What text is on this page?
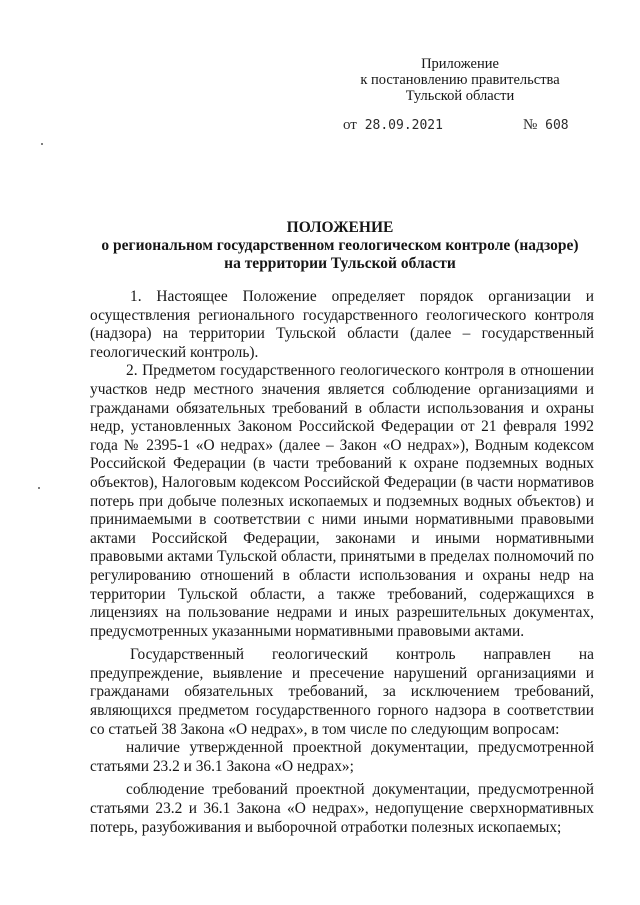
Приложение
к постановлению правительства
Тульской области
от 28.09.2021	№ 608
ПОЛОЖЕНИЕ
о региональном государственном геологическом контроле (надзоре)
на территории Тульской области

1. Настоящее Положение определяет порядок организации и осуществления регионального государственного геологического контроля (надзора) на территории Тульской области (далее – государственный геологический контроль).

2. Предметом государственного геологического контроля в отношении участков недр местного значения является соблюдение организациями и гражданами обязательных требований в области использования и охраны недр, установленных Законом Российской Федерации от 21 февраля 1992 года № 2395-1 «О недрах» (далее – Закон «О недрах»), Водным кодексом Российской Федерации (в части требований к охране подземных водных объектов), Налоговым кодексом Российской Федерации (в части нормативов потерь при добыче полезных ископаемых и подземных водных объектов) и принимаемыми в соответствии с ними иными нормативными правовыми актами Российской Федерации, законами и иными нормативными правовыми актами Тульской области, принятыми в пределах полномочий по регулированию отношений в области использования и охраны недр на территории Тульской области, а также требований, содержащихся в лицензиях на пользование недрами и иных разрешительных документах, предусмотренных указанными нормативными правовыми актами.

Государственный геологический контроль направлен на предупреждение, выявление и пресечение нарушений организациями и гражданами обязательных требований, за исключением требований, являющихся предметом государственного горного надзора в соответствии со статьей 38 Закона «О недрах», в том числе по следующим вопросам:

наличие утвержденной проектной документации, предусмотренной статьями 23.2 и 36.1 Закона «О недрах»;

соблюдение требований проектной документации, предусмотренной статьями 23.2 и 36.1 Закона «О недрах», недопущение сверхнормативных потерь, разубоживания и выборочной отработки полезных ископаемых;
